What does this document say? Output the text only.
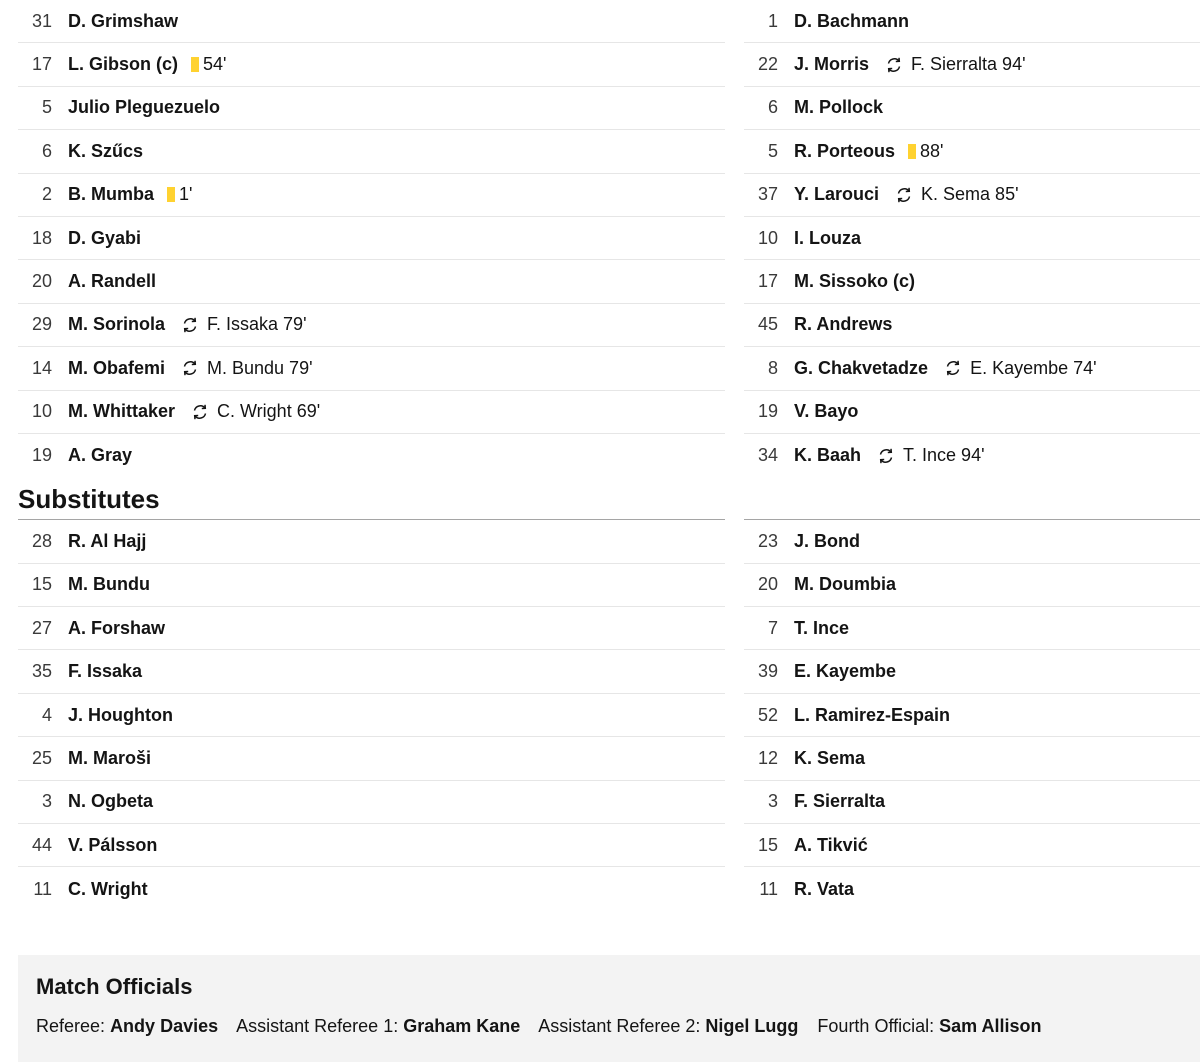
31 D. Grimshaw
17 L. Gibson (c) 54'
5 Julio Pleguezuelo
6 K. Szűcs
2 B. Mumba 1'
18 D. Gyabi
20 A. Randell
29 M. Sorinola F. Issaka 79'
14 M. Obafemi M. Bundu 79'
10 M. Whittaker C. Wright 69'
19 A. Gray
Substitutes
28 R. Al Hajj
15 M. Bundu
27 A. Forshaw
35 F. Issaka
4 J. Houghton
25 M. Maroši
3 N. Ogbeta
44 V. Pálsson
11 C. Wright
1 D. Bachmann
22 J. Morris F. Sierralta 94'
6 M. Pollock
5 R. Porteous 88'
37 Y. Larouci K. Sema 85'
10 I. Louza
17 M. Sissoko (c)
45 R. Andrews
8 G. Chakvetadze E. Kayembe 74'
19 V. Bayo
34 K. Baah T. Ince 94'
23 J. Bond
20 M. Doumbia
7 T. Ince
39 E. Kayembe
52 L. Ramirez-Espain
12 K. Sema
3 F. Sierralta
15 A. Tikvić
11 R. Vata
Match Officials
Referee: Andy Davies Assistant Referee 1: Graham Kane Assistant Referee 2: Nigel Lugg Fourth Official: Sam Allison
